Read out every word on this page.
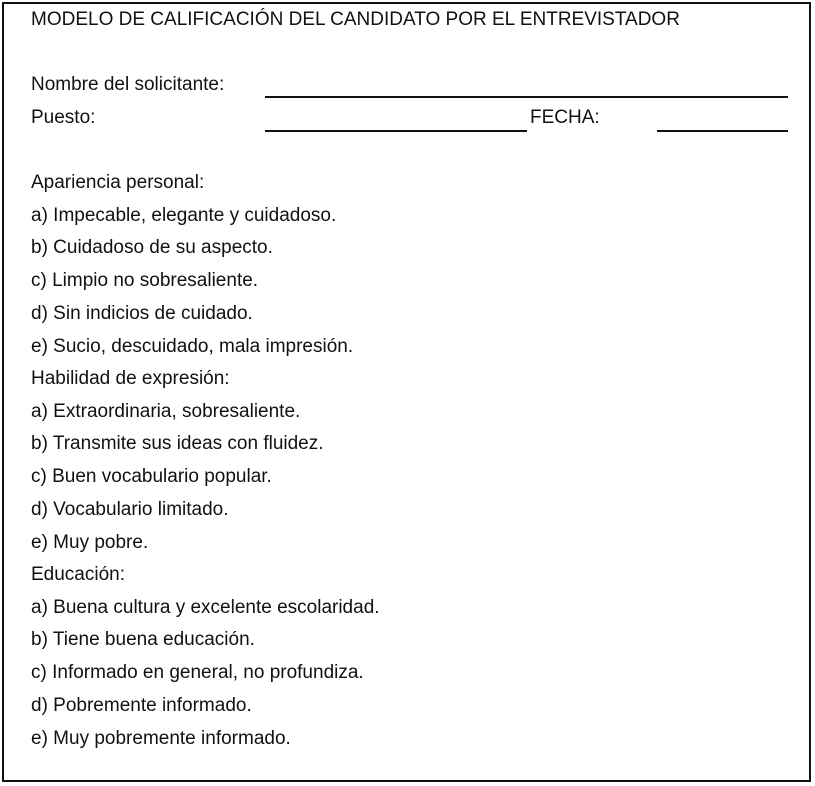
MODELO DE CALIFICACIÓN DEL CANDIDATO POR EL ENTREVISTADOR
Nombre del solicitante:
Puesto:	FECHA:
Apariencia personal:
a) Impecable, elegante y cuidadoso.
b) Cuidadoso de su aspecto.
c) Limpio no sobresaliente.
d) Sin indicios de cuidado.
e) Sucio, descuidado, mala impresión.
Habilidad de expresión:
a) Extraordinaria, sobresaliente.
b) Transmite sus ideas con fluidez.
c) Buen vocabulario popular.
d) Vocabulario limitado.
e) Muy pobre.
Educación:
a) Buena cultura y excelente escolaridad.
b) Tiene buena educación.
c) Informado en general, no profundiza.
d) Pobremente informado.
e) Muy pobremente informado.
